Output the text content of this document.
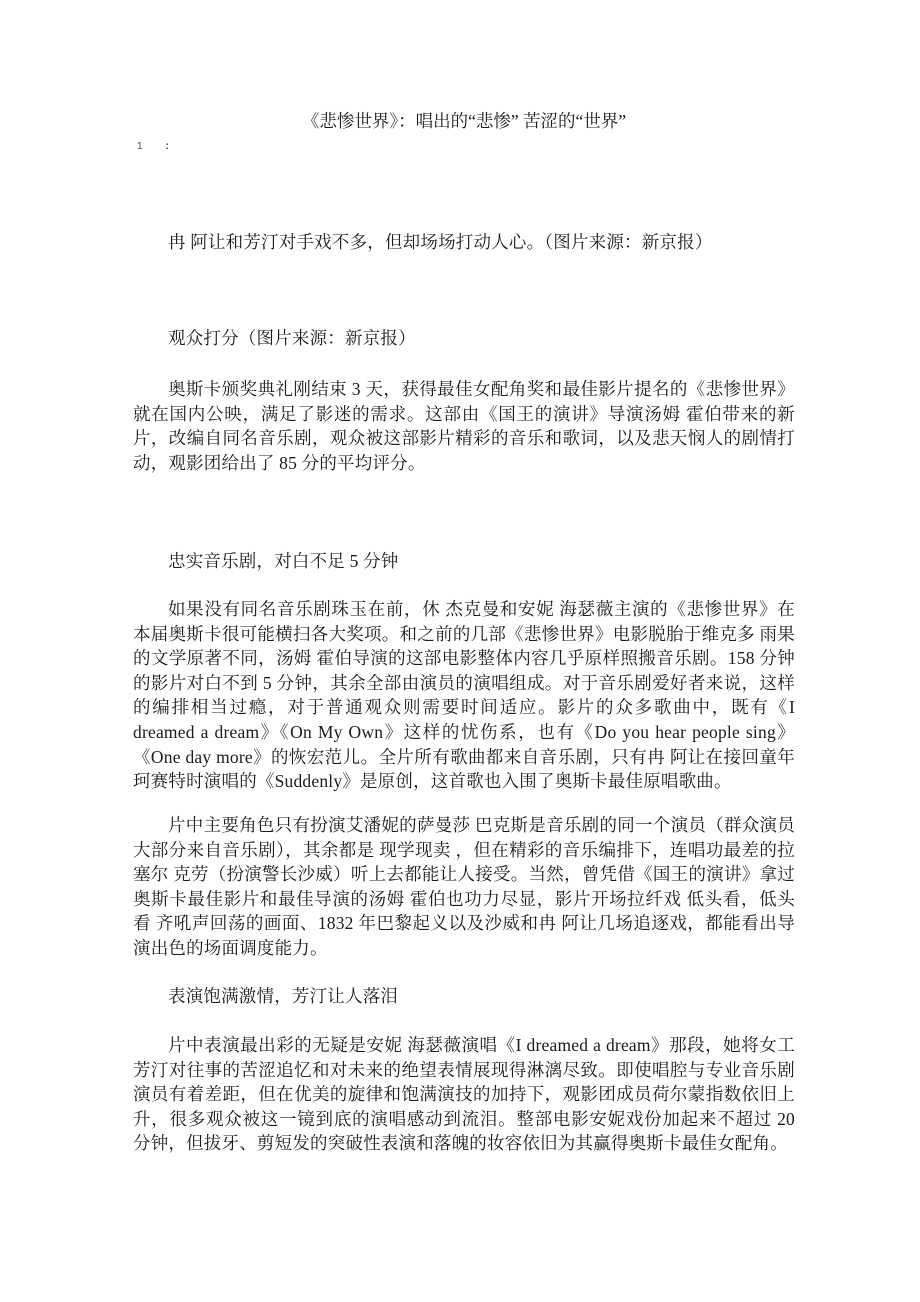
《悲惨世界》：唱出的“悲惨” 苦涩的“世界”
1 :

冉 阿让和芳汀对手戏不多，但却场场打动人心。（图片来源：新京报）

观众打分（图片来源：新京报）

奥斯卡颁奖典礼刚结束 3 天，获得最佳女配角奖和最佳影片提名的《悲惨世界》就在国内公映，满足了影迷的需求。这部由《国王的演讲》导演汤姆 霍伯带来的新片，改编自同名音乐剧，观众被这部影片精彩的音乐和歌词，以及悲天悯人的剧情打动，观影团给出了 85 分的平均评分。

忠实音乐剧，对白不足 5 分钟

如果没有同名音乐剧珠玉在前，休 杰克曼和安妮 海瑟薇主演的《悲惨世界》在本届奥斯卡很可能横扫各大奖项。和之前的几部《悲惨世界》电影脱胎于维克多 雨果的文学原著不同，汤姆 霍伯导演的这部电影整体内容几乎原样照搬音乐剧。158 分钟的影片对白不到 5 分钟，其余全部由演员的演唱组成。对于音乐剧爱好者来说，这样的编排相当过瘾，对于普通观众则需要时间适应。影片的众多歌曲中，既有《I dreamed a dream》《On My Own》这样的忧伤系，也有《Do you hear people sing》《One day more》的恢宏范儿。全片所有歌曲都来自音乐剧，只有冉 阿让在接回童年珂赛特时演唱的《Suddenly》是原创，这首歌也入围了奥斯卡最佳原唱歌曲。

片中主要角色只有扮演艾潘妮的萨曼莎 巴克斯是音乐剧的同一个演员（群众演员大部分来自音乐剧），其余都是 现学现卖 ，但在精彩的音乐编排下，连唱功最差的拉塞尔 克劳（扮演警长沙威）听上去都能让人接受。当然，曾凭借《国王的演讲》拿过奥斯卡最佳影片和最佳导演的汤姆 霍伯也功力尽显，影片开场拉纤戏 低头看，低头看 齐吼声回荡的画面、1832 年巴黎起义以及沙威和冉 阿让几场追逐戏，都能看出导演出色的场面调度能力。

表演饱满激情，芳汀让人落泪

片中表演最出彩的无疑是安妮 海瑟薇演唱《I dreamed a dream》那段，她将女工芳汀对往事的苦涩追忆和对未来的绝望表情展现得淋漓尽致。即使唱腔与专业音乐剧演员有着差距，但在优美的旋律和饱满演技的加持下，观影团成员荷尔蒙指数依旧上升，很多观众被这一镜到底的演唱感动到流泪。整部电影安妮戏份加起来不超过 20 分钟，但拔牙、剪短发的突破性表演和落魄的妆容依旧为其赢得奥斯卡最佳女配角。
